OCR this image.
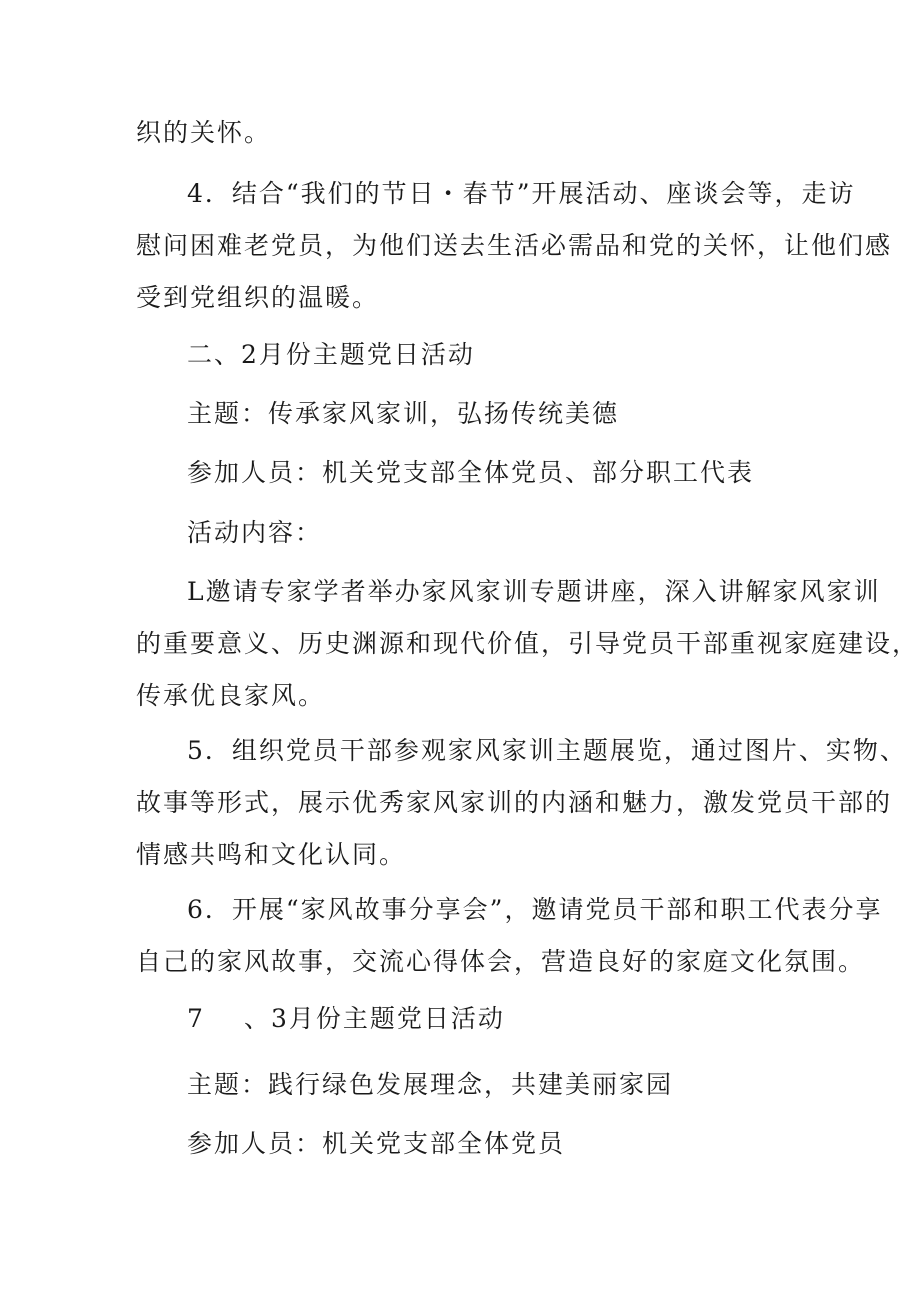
织的关怀。
4．结合“我们的节日・春节”开展活动、座谈会等，走访
慰问困难老党员，为他们送去生活必需品和党的关怀，让他们感
受到党组织的温暖。
二、2月份主题党日活动
主题：传承家风家训，弘扬传统美德
参加人员：机关党支部全体党员、部分职工代表
活动内容：
L邀请专家学者举办家风家训专题讲座，深入讲解家风家训
的重要意义、历史渊源和现代价值，引导党员干部重视家庭建设，
传承优良家风。
5．组织党员干部参观家风家训主题展览，通过图片、实物、
故事等形式，展示优秀家风家训的内涵和魅力，激发党员干部的
情感共鸣和文化认同。
6．开展“家风故事分享会”，邀请党员干部和职工代表分享
自己的家风故事，交流心得体会，营造良好的家庭文化氛围。
7 、3月份主题党日活动
主题：践行绿色发展理念，共建美丽家园
参加人员：机关党支部全体党员
